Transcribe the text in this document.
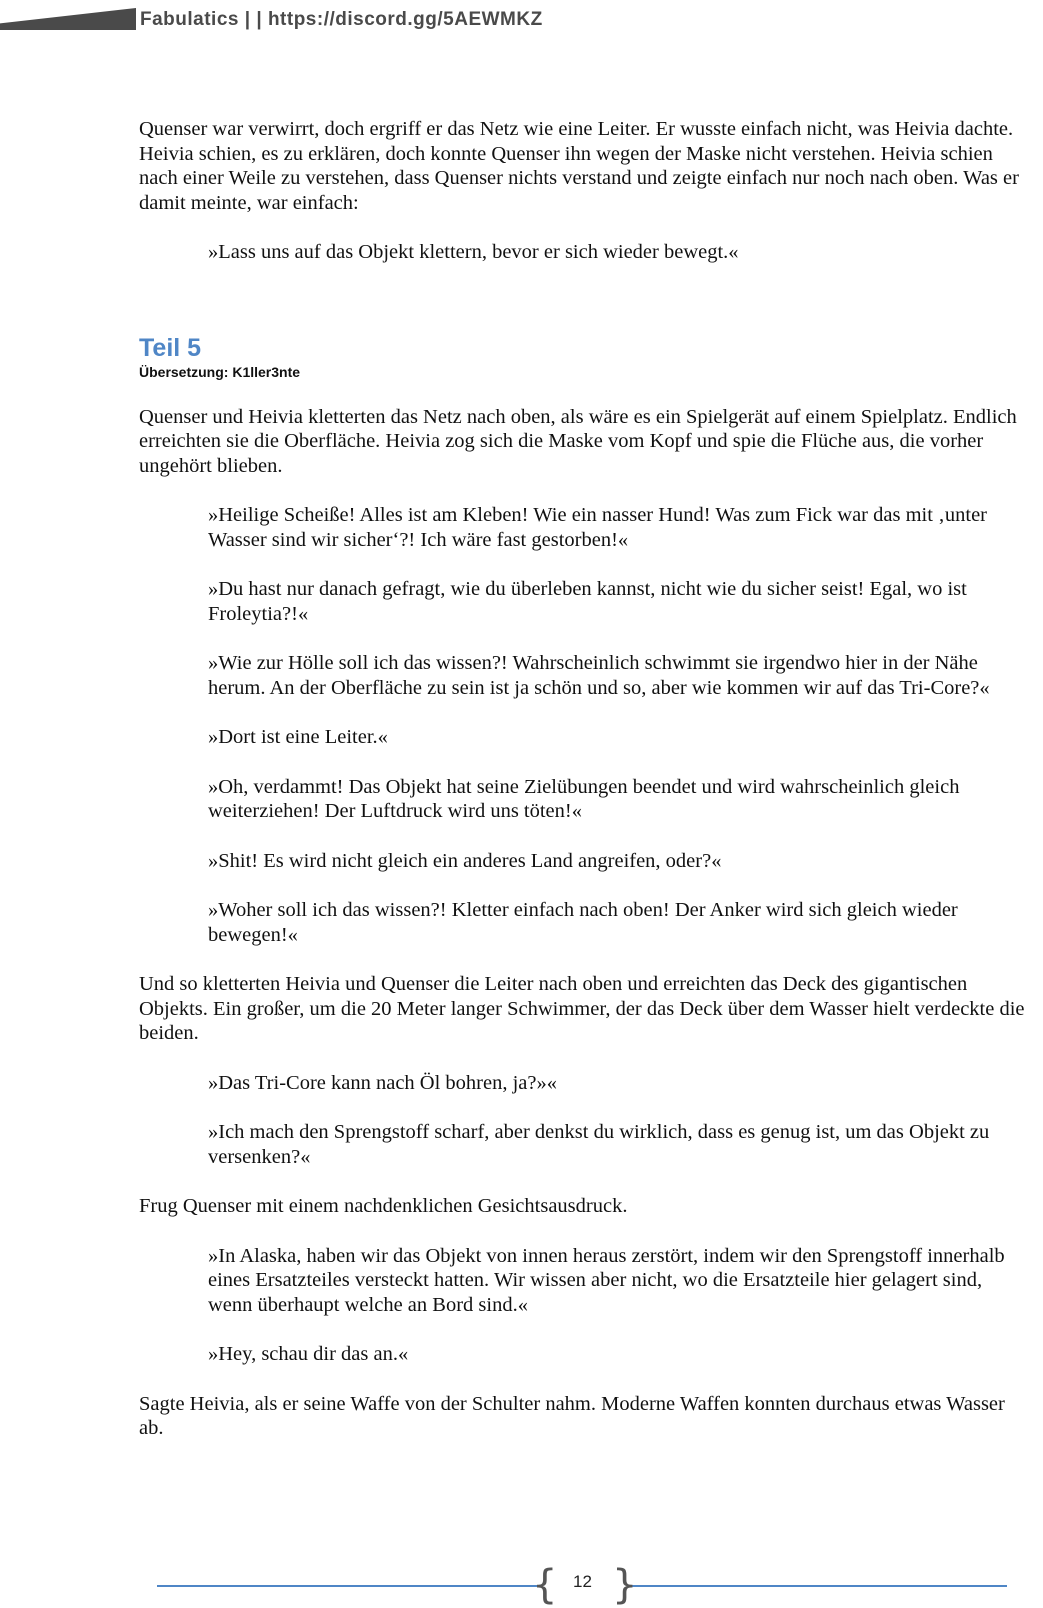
Fabulatics | | https://discord.gg/5AEWMKZ

Quenser war verwirrt, doch ergriff er das Netz wie eine Leiter. Er wusste einfach nicht, was Heivia dachte. Heivia schien, es zu erklären, doch konnte Quenser ihn wegen der Maske nicht verstehen. Heivia schien nach einer Weile zu verstehen, dass Quenser nichts verstand und zeigte einfach nur noch nach oben. Was er damit meinte, war einfach:

»Lass uns auf das Objekt klettern, bevor er sich wieder bewegt.«

Teil 5

Übersetzung: K1ller3nte

Quenser und Heivia kletterten das Netz nach oben, als wäre es ein Spielgerät auf einem Spielplatz. Endlich erreichten sie die Oberfläche. Heivia zog sich die Maske vom Kopf und spie die Flüche aus, die vorher ungehört blieben.

»Heilige Scheiße! Alles ist am Kleben! Wie ein nasser Hund! Was zum Fick war das mit ‚unter Wasser sind wir sicher‘?! Ich wäre fast gestorben!«

»Du hast nur danach gefragt, wie du überleben kannst, nicht wie du sicher seist! Egal, wo ist Froleytia?!«

»Wie zur Hölle soll ich das wissen?! Wahrscheinlich schwimmt sie irgendwo hier in der Nähe herum. An der Oberfläche zu sein ist ja schön und so, aber wie kommen wir auf das Tri-Core?«

»Dort ist eine Leiter.«

»Oh, verdammt! Das Objekt hat seine Zielübungen beendet und wird wahrscheinlich gleich weiterziehen! Der Luftdruck wird uns töten!«

»Shit! Es wird nicht gleich ein anderes Land angreifen, oder?«

»Woher soll ich das wissen?! Kletter einfach nach oben! Der Anker wird sich gleich wieder bewegen!«

Und so kletterten Heivia und Quenser die Leiter nach oben und erreichten das Deck des gigantischen Objekts. Ein großer, um die 20 Meter langer Schwimmer, der das Deck über dem Wasser hielt verdeckte die beiden.

»Das Tri-Core kann nach Öl bohren, ja?»«

»Ich mach den Sprengstoff scharf, aber denkst du wirklich, dass es genug ist, um das Objekt zu versenken?«

Frug Quenser mit einem nachdenklichen Gesichtsausdruck.

»In Alaska, haben wir das Objekt von innen heraus zerstört, indem wir den Sprengstoff innerhalb eines Ersatzteiles versteckt hatten. Wir wissen aber nicht, wo die Ersatzteile hier gelagert sind, wenn überhaupt welche an Bord sind.«

»Hey, schau dir das an.«

Sagte Heivia, als er seine Waffe von der Schulter nahm. Moderne Waffen konnten durchaus etwas Wasser ab.

{ 12 }
